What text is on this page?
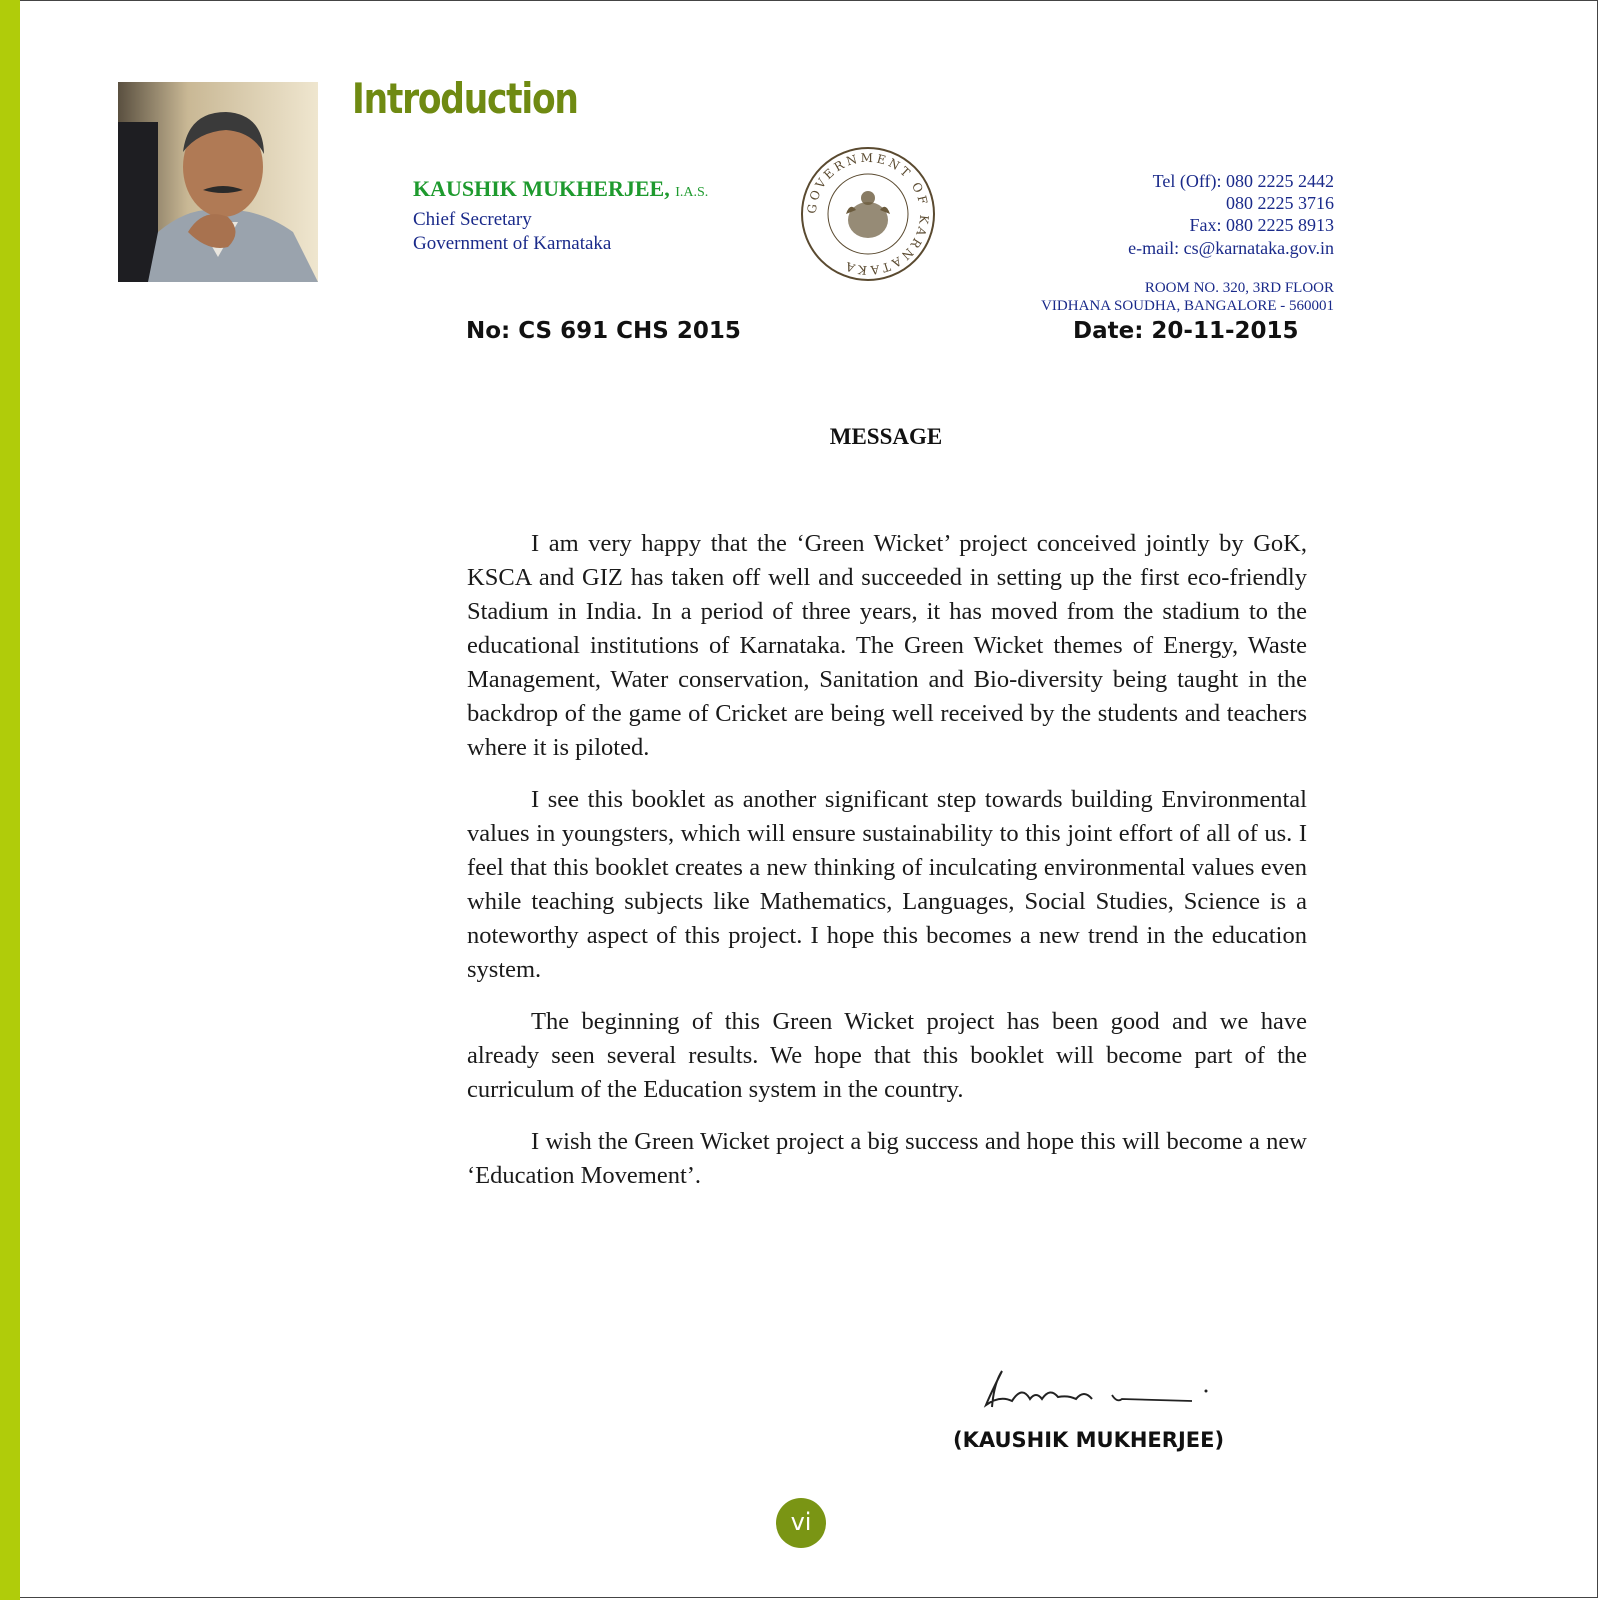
Introduction
KAUSHIK MUKHERJEE, I.A.S.
Chief Secretary
Government of Karnataka
GOVERNMENT OF KARNATAKA
Tel (Off): 080 2225 2442
080 2225 3716
Fax: 080 2225 8913
e-mail: cs@karnataka.gov.in
ROOM NO. 320, 3RD FLOOR
VIDHANA SOUDHA, BANGALORE - 560001
No: CS 691 CHS 2015	Date: 20-11-2015
MESSAGE

I am very happy that the ‘Green Wicket’ project conceived jointly by GoK, KSCA and GIZ has taken off well and succeeded in setting up the first eco-friendly Stadium in India. In a period of three years, it has moved from the stadium to the educational institutions of Karnataka. The Green Wicket themes of Energy, Waste Management, Water conservation, Sanitation and Bio-diversity being taught in the backdrop of the game of Cricket are being well received by the students and teachers where it is piloted.

I see this booklet as another significant step towards building Environmental values in youngsters, which will ensure sustainability to this joint effort of all of us. I feel that this booklet creates a new thinking of inculcating environmental values even while teaching subjects like Mathematics, Languages, Social Studies, Science is a noteworthy aspect of this project. I hope this becomes a new trend in the education system.

The beginning of this Green Wicket project has been good and we have already seen several results. We hope that this booklet will become part of the curriculum of the Education system in the country.

I wish the Green Wicket project a big success and hope this will become a new ‘Education Movement’.

Kaushik
(KAUSHIK MUKHERJEE)
vi
